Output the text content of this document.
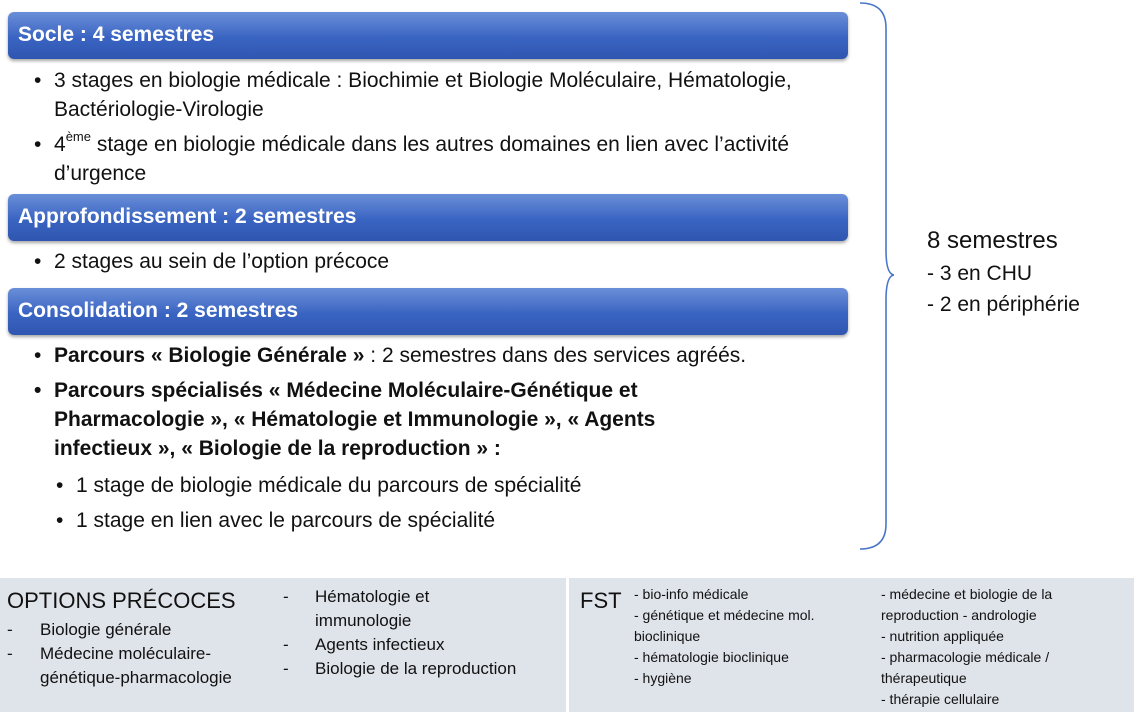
Socle : 4 semestres
• 3 stages en biologie médicale : Biochimie et Biologie Moléculaire, Hématologie, Bactériologie-Virologie
• 4ème stage en biologie médicale dans les autres domaines en lien avec l’activité d’urgence
Approfondissement : 2 semestres
• 2 stages au sein de l’option précoce
Consolidation : 2 semestres
• Parcours « Biologie Générale » : 2 semestres dans des services agréés.
• Parcours spécialisés « Médecine Moléculaire-Génétique et Pharmacologie », « Hématologie et Immunologie », « Agents infectieux », « Biologie de la reproduction » :
• 1 stage de biologie médicale du parcours de spécialité
• 1 stage en lien avec le parcours de spécialité
8 semestres
- 3 en CHU
- 2 en périphérie
OPTIONS PRÉCOCES
- Biologie générale
- Médecine moléculaire-génétique-pharmacologie
- Hématologie et immunologie
- Agents infectieux
- Biologie de la reproduction
FST - bio-info médicale
- génétique et médecine mol. bioclinique
- hématologie bioclinique
- hygiène
- médecine et biologie de la reproduction - andrologie
- nutrition appliquée
- pharmacologie médicale / thérapeutique
- thérapie cellulaire
